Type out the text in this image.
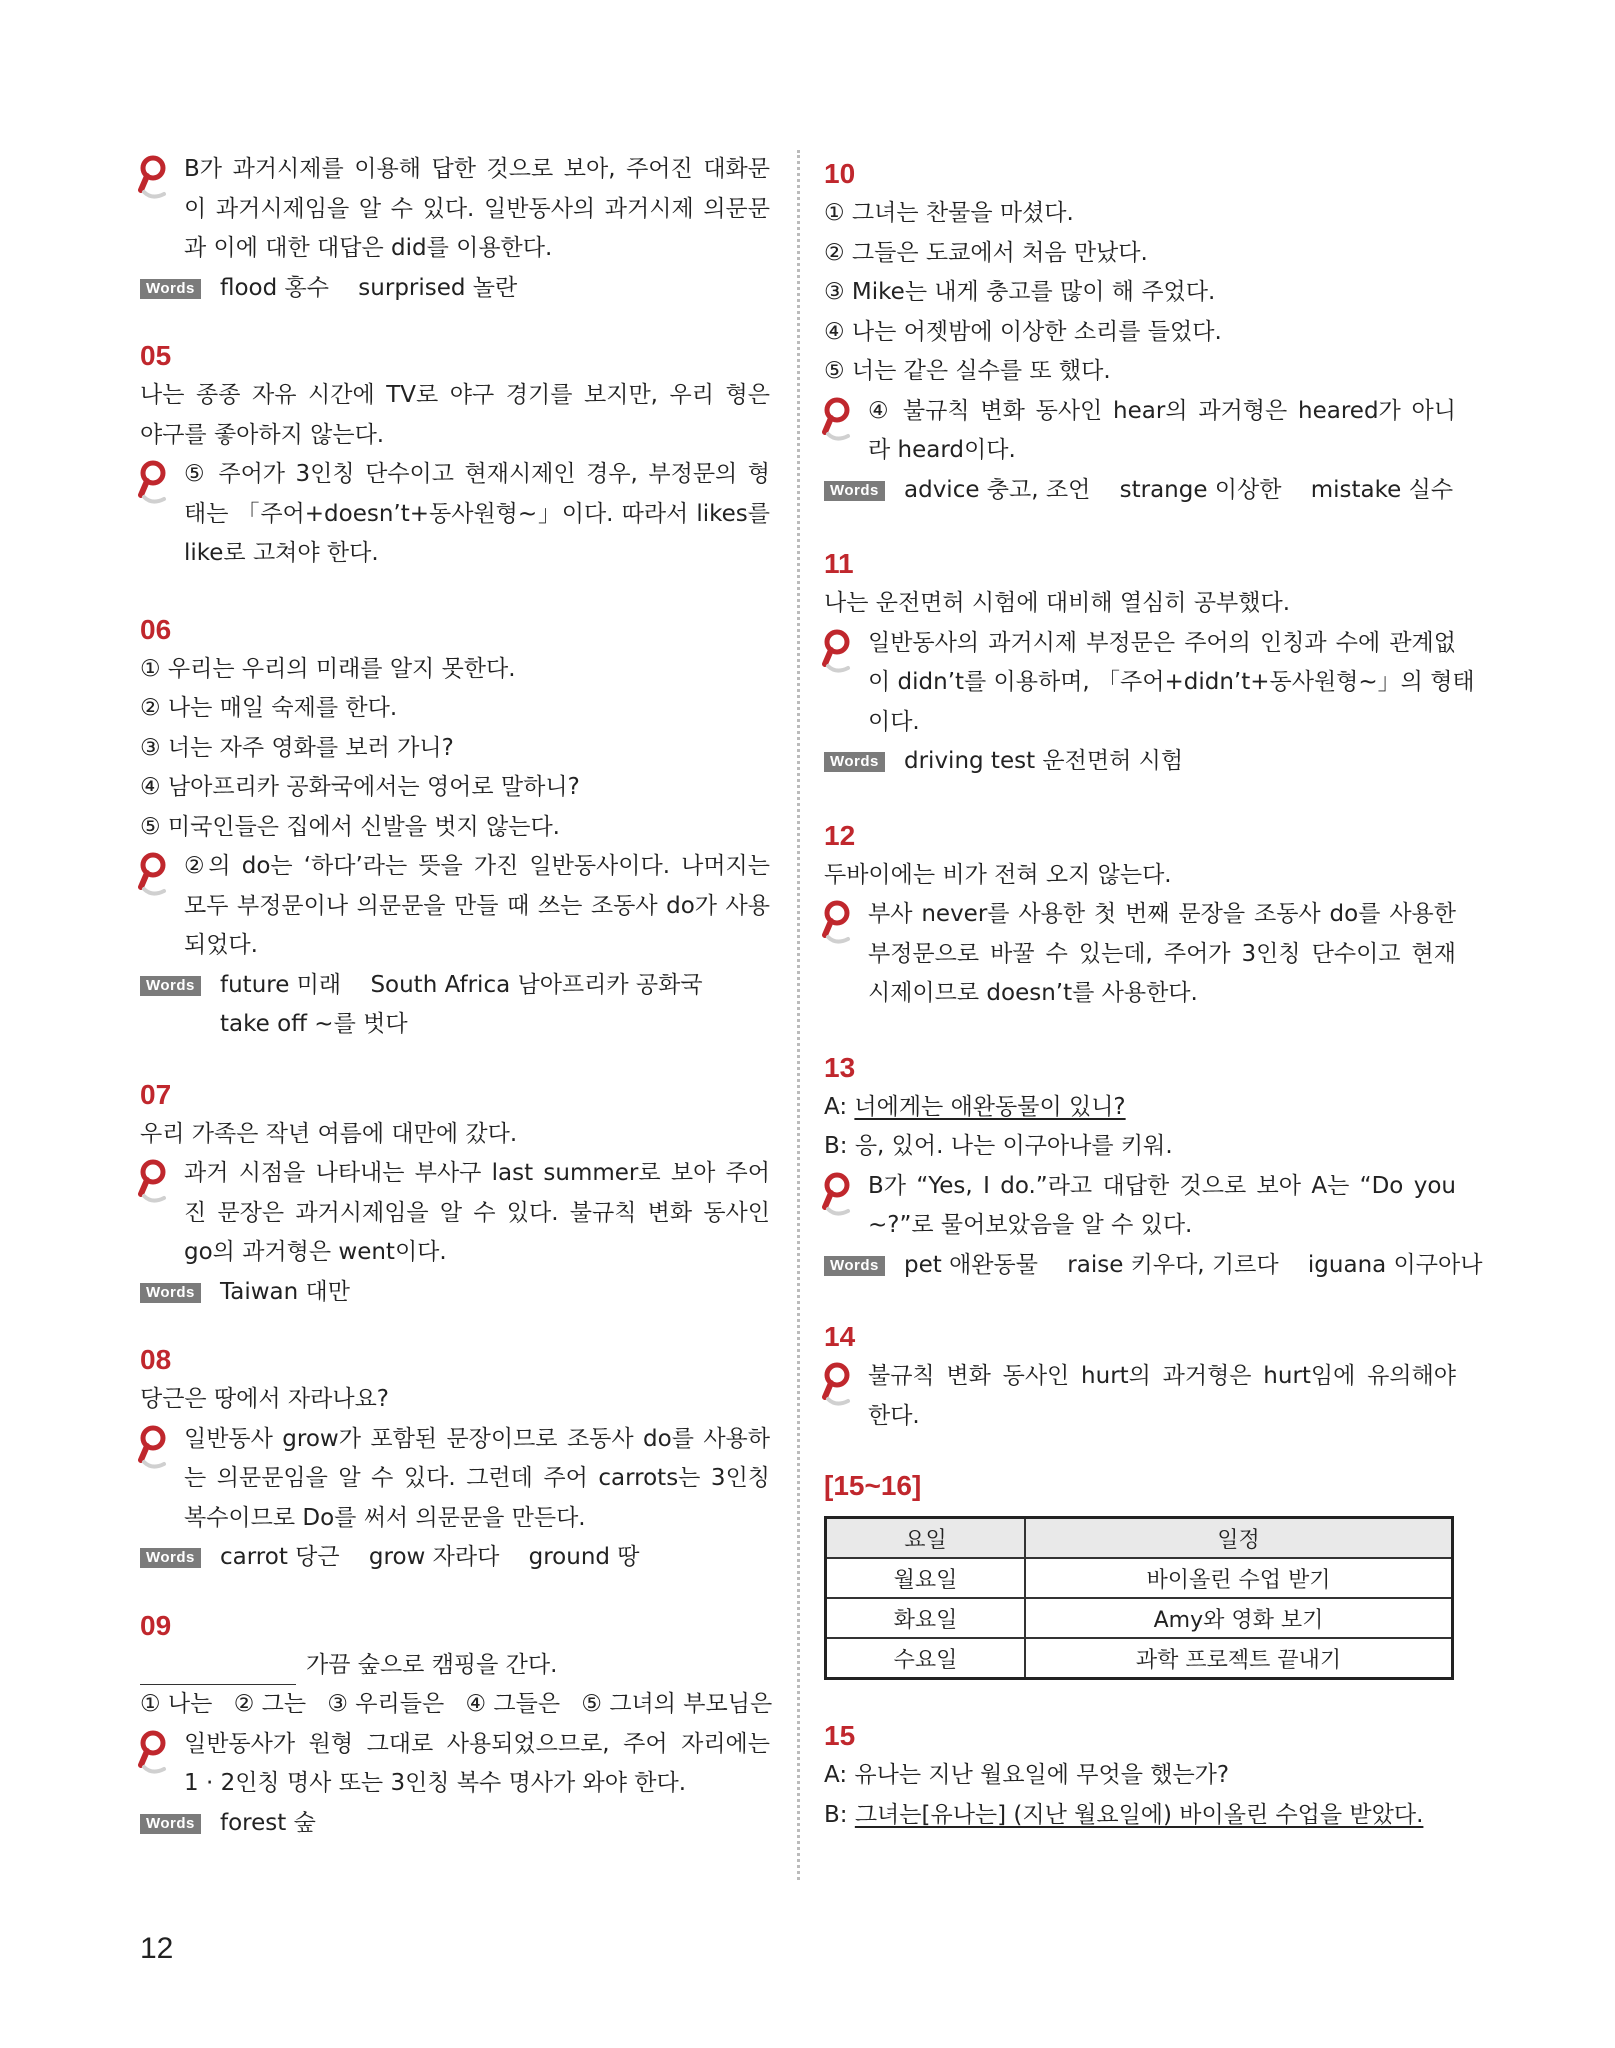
B가 과거시제를 이용해 답한 것으로 보아, 주어진 대화문
이 과거시제임을 알 수 있다. 일반동사의 과거시제 의문문
과 이에 대한 대답은 did를 이용한다.
Words flood 홍수 surprised 놀란
05
나는 종종 자유 시간에 TV로 야구 경기를 보지만, 우리 형은
야구를 좋아하지 않는다.
⑤ 주어가 3인칭 단수이고 현재시제인 경우, 부정문의 형
태는 「주어+doesn’t+동사원형~」이다. 따라서 likes를
like로 고쳐야 한다.
06
① 우리는 우리의 미래를 알지 못한다.
② 나는 매일 숙제를 한다.
③ 너는 자주 영화를 보러 가니?
④ 남아프리카 공화국에서는 영어로 말하니?
⑤ 미국인들은 집에서 신발을 벗지 않는다.
②의 do는 ‘하다’라는 뜻을 가진 일반동사이다. 나머지는
모두 부정문이나 의문문을 만들 때 쓰는 조동사 do가 사용
되었다.
Words future 미래 South Africa 남아프리카 공화국
take off ~를 벗다
07
우리 가족은 작년 여름에 대만에 갔다.
과거 시점을 나타내는 부사구 last summer로 보아 주어
진 문장은 과거시제임을 알 수 있다. 불규칙 변화 동사인
go의 과거형은 went이다.
Words Taiwan 대만
08
당근은 땅에서 자라나요?
일반동사 grow가 포함된 문장이므로 조동사 do를 사용하
는 의문문임을 알 수 있다. 그런데 주어 carrots는 3인칭
복수이므로 Do를 써서 의문문을 만든다.
Words carrot 당근 grow 자라다 ground 땅
09
가끔 숲으로 캠핑을 간다.
① 나는 ② 그는 ③ 우리들은 ④ 그들은 ⑤ 그녀의 부모님은
일반동사가 원형 그대로 사용되었으므로, 주어 자리에는
1 · 2인칭 명사 또는 3인칭 복수 명사가 와야 한다.
Words forest 숲
10
① 그녀는 찬물을 마셨다.
② 그들은 도쿄에서 처음 만났다.
③ Mike는 내게 충고를 많이 해 주었다.
④ 나는 어젯밤에 이상한 소리를 들었다.
⑤ 너는 같은 실수를 또 했다.
④ 불규칙 변화 동사인 hear의 과거형은 heared가 아니
라 heard이다.
Words advice 충고, 조언 strange 이상한 mistake 실수
11
나는 운전면허 시험에 대비해 열심히 공부했다.
일반동사의 과거시제 부정문은 주어의 인칭과 수에 관계없
이 didn’t를 이용하며, 「주어+didn’t+동사원형~」의 형태
이다.
Words driving test 운전면허 시험
12
두바이에는 비가 전혀 오지 않는다.
부사 never를 사용한 첫 번째 문장을 조동사 do를 사용한
부정문으로 바꿀 수 있는데, 주어가 3인칭 단수이고 현재
시제이므로 doesn’t를 사용한다.
13
A: 너에게는 애완동물이 있니?
B: 응, 있어. 나는 이구아나를 키워.
B가 “Yes, I do.”라고 대답한 것으로 보아 A는 “Do you
~?”로 물어보았음을 알 수 있다.
Words pet 애완동물 raise 키우다, 기르다 iguana 이구아나
14
불규칙 변화 동사인 hurt의 과거형은 hurt임에 유의해야
한다.
[15~16]
요일	일정
월요일	바이올린 수업 받기
화요일	Amy와 영화 보기
수요일	과학 프로젝트 끝내기
15
A: 유나는 지난 월요일에 무엇을 했는가?
B: 그녀는[유나는] (지난 월요일에) 바이올린 수업을 받았다.
12
